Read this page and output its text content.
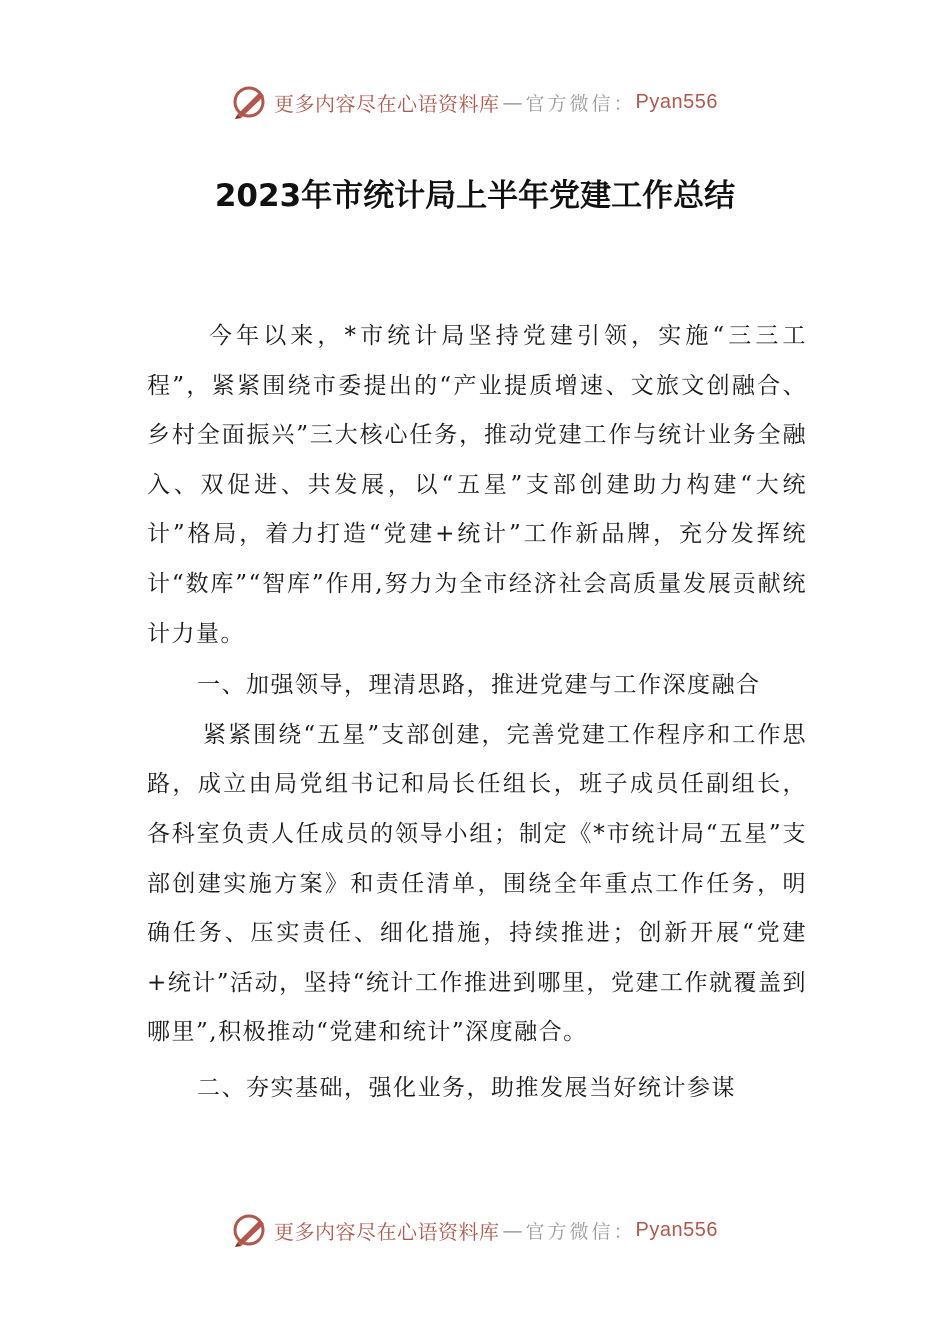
更多内容尽在心语资料库 — 官方微信： Pyan556
2023年市统计局上半年党建工作总结

今年以来，*市统计局坚持党建引领，实施“三三工程”，紧紧围绕市委提出的“产业提质增速、文旅文创融合、乡村全面振兴”三大核心任务，推动党建工作与统计业务全融入、双促进、共发展，以“五星”支部创建助力构建“大统计”格局，着力打造“党建+统计”工作新品牌，充分发挥统计“数库”“智库”作用,努力为全市经济社会高质量发展贡献统计力量。

一、加强领导，理清思路，推进党建与工作深度融合

紧紧围绕“五星”支部创建，完善党建工作程序和工作思路，成立由局党组书记和局长任组长，班子成员任副组长，各科室负责人任成员的领导小组；制定《*市统计局“五星”支部创建实施方案》和责任清单，围绕全年重点工作任务，明确任务、压实责任、细化措施，持续推进；创新开展“党建+统计”活动，坚持“统计工作推进到哪里，党建工作就覆盖到哪里”,积极推动“党建和统计”深度融合。

二、夯实基础，强化业务，助推发展当好统计参谋

更多内容尽在心语资料库 — 官方微信： Pyan556
